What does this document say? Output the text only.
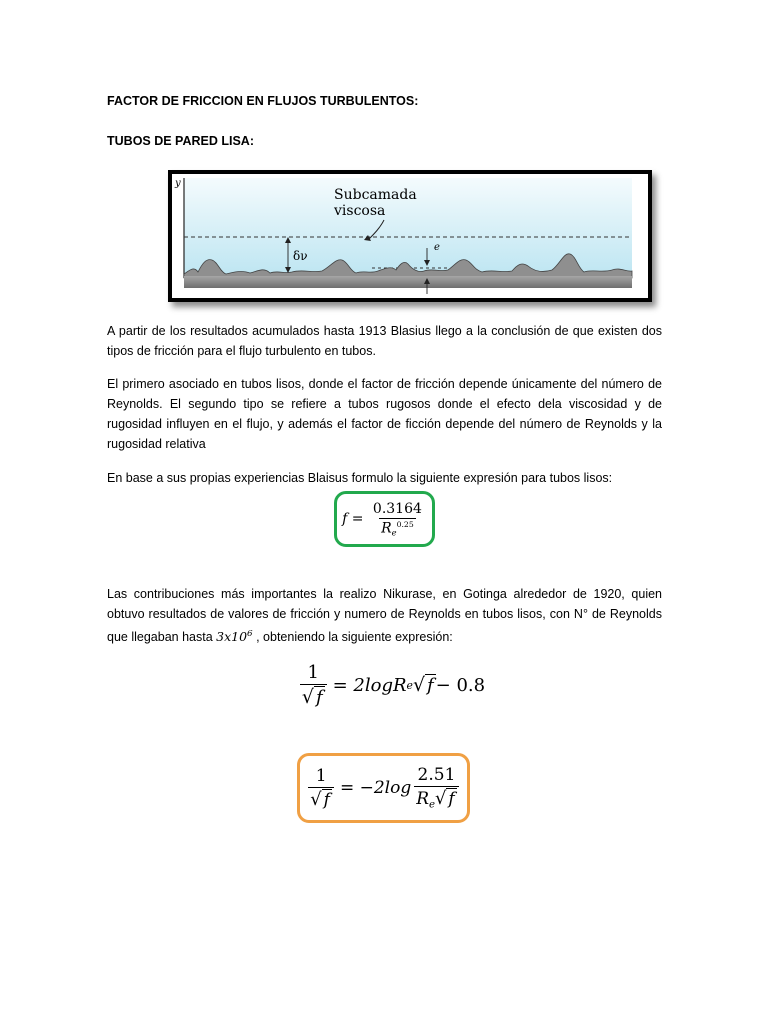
FACTOR DE FRICCION EN FLUJOS TURBULENTOS:

TUBOS DE PARED LISA:

y
δν
e
Subcamada
viscosa

A partir de los resultados acumulados hasta 1913 Blasius llego a la conclusión de que existen dos tipos de fricción para el flujo turbulento en tubos.

El primero asociado en tubos lisos, donde el factor de fricción depende únicamente del número de Reynolds. El segundo tipo se refiere a tubos rugosos donde el efecto dela viscosidad y de rugosidad influyen en el flujo, y además el factor de ficción depende del número de Reynolds y la rugosidad relativa

En base a sus propias experiencias Blaisus formulo la siguiente expresión para tubos lisos:

$f = \frac{0.3164}{R_e^{0.25}}$

Las contribuciones más importantes la realizo Nikurase, en Gotinga alrededor de 1920, quien obtuvo resultados de valores de fricción y numero de Reynolds en tubos lisos, con N° de Reynolds que llegaban hasta $3x10^6$ , obteniendo la siguiente expresión:

$\frac{1}{√ f} = 2\log$ R e √ f − 0.8
$\frac{1}{√ f} = -2\log \frac{2.51}{R_e √ f}$
